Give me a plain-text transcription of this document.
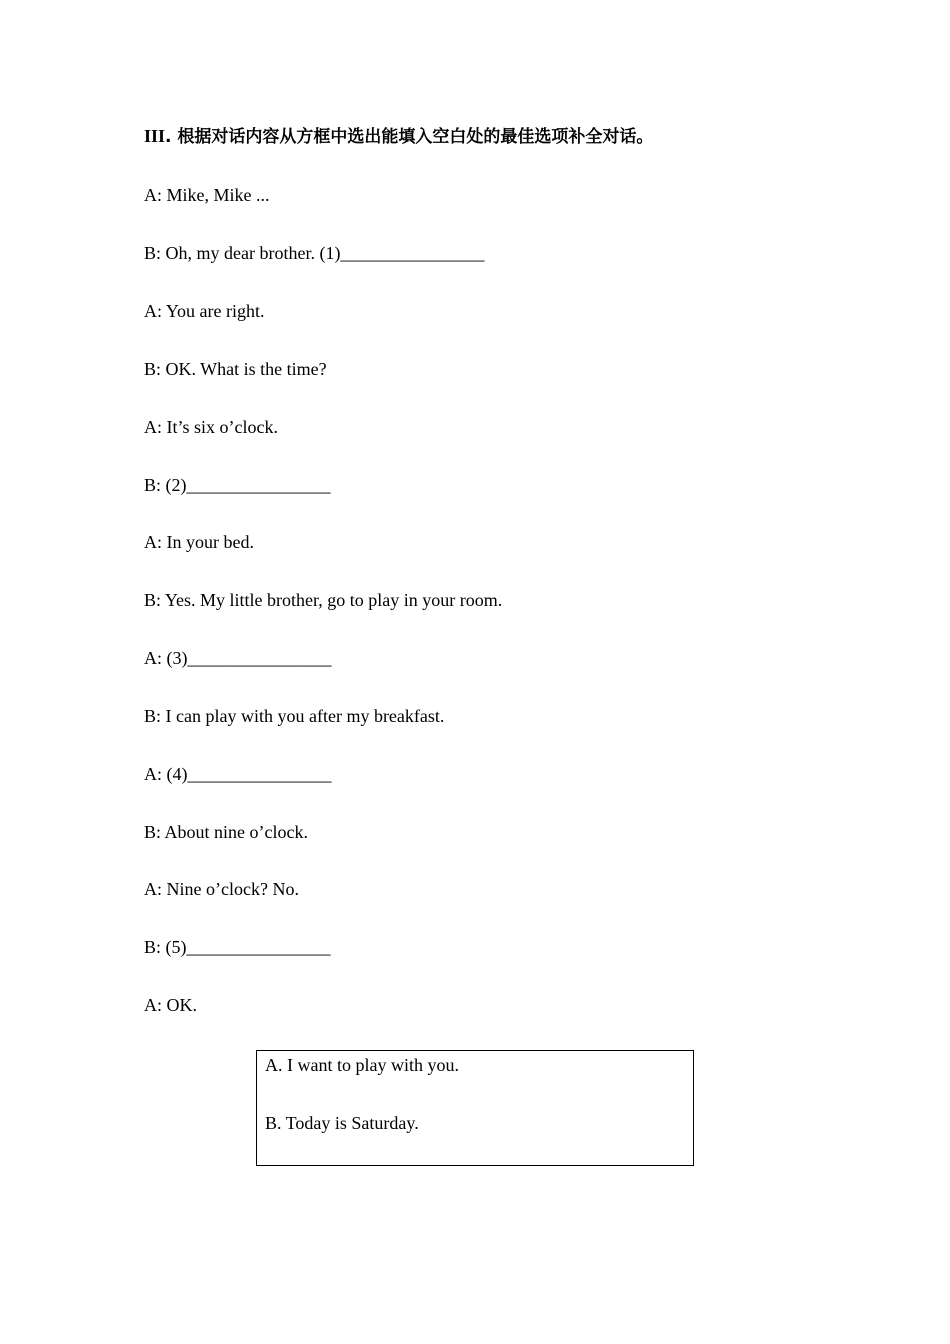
III. 根据对话内容从方框中选出能填入空白处的最佳选项补全对话。
A: Mike, Mike ...
B: Oh, my dear brother. (1)________________
A: You are right.
B: OK. What is the time?
A: It’s six o’clock.
B: (2)________________
A: In your bed.
B: Yes. My little brother, go to play in your room.
A: (3)________________
B: I can play with you after my breakfast.
A: (4)________________
B: About nine o’clock.
A: Nine o’clock? No.
B: (5)________________
A: OK.
A. I want to play with you.
B. Today is Saturday.
